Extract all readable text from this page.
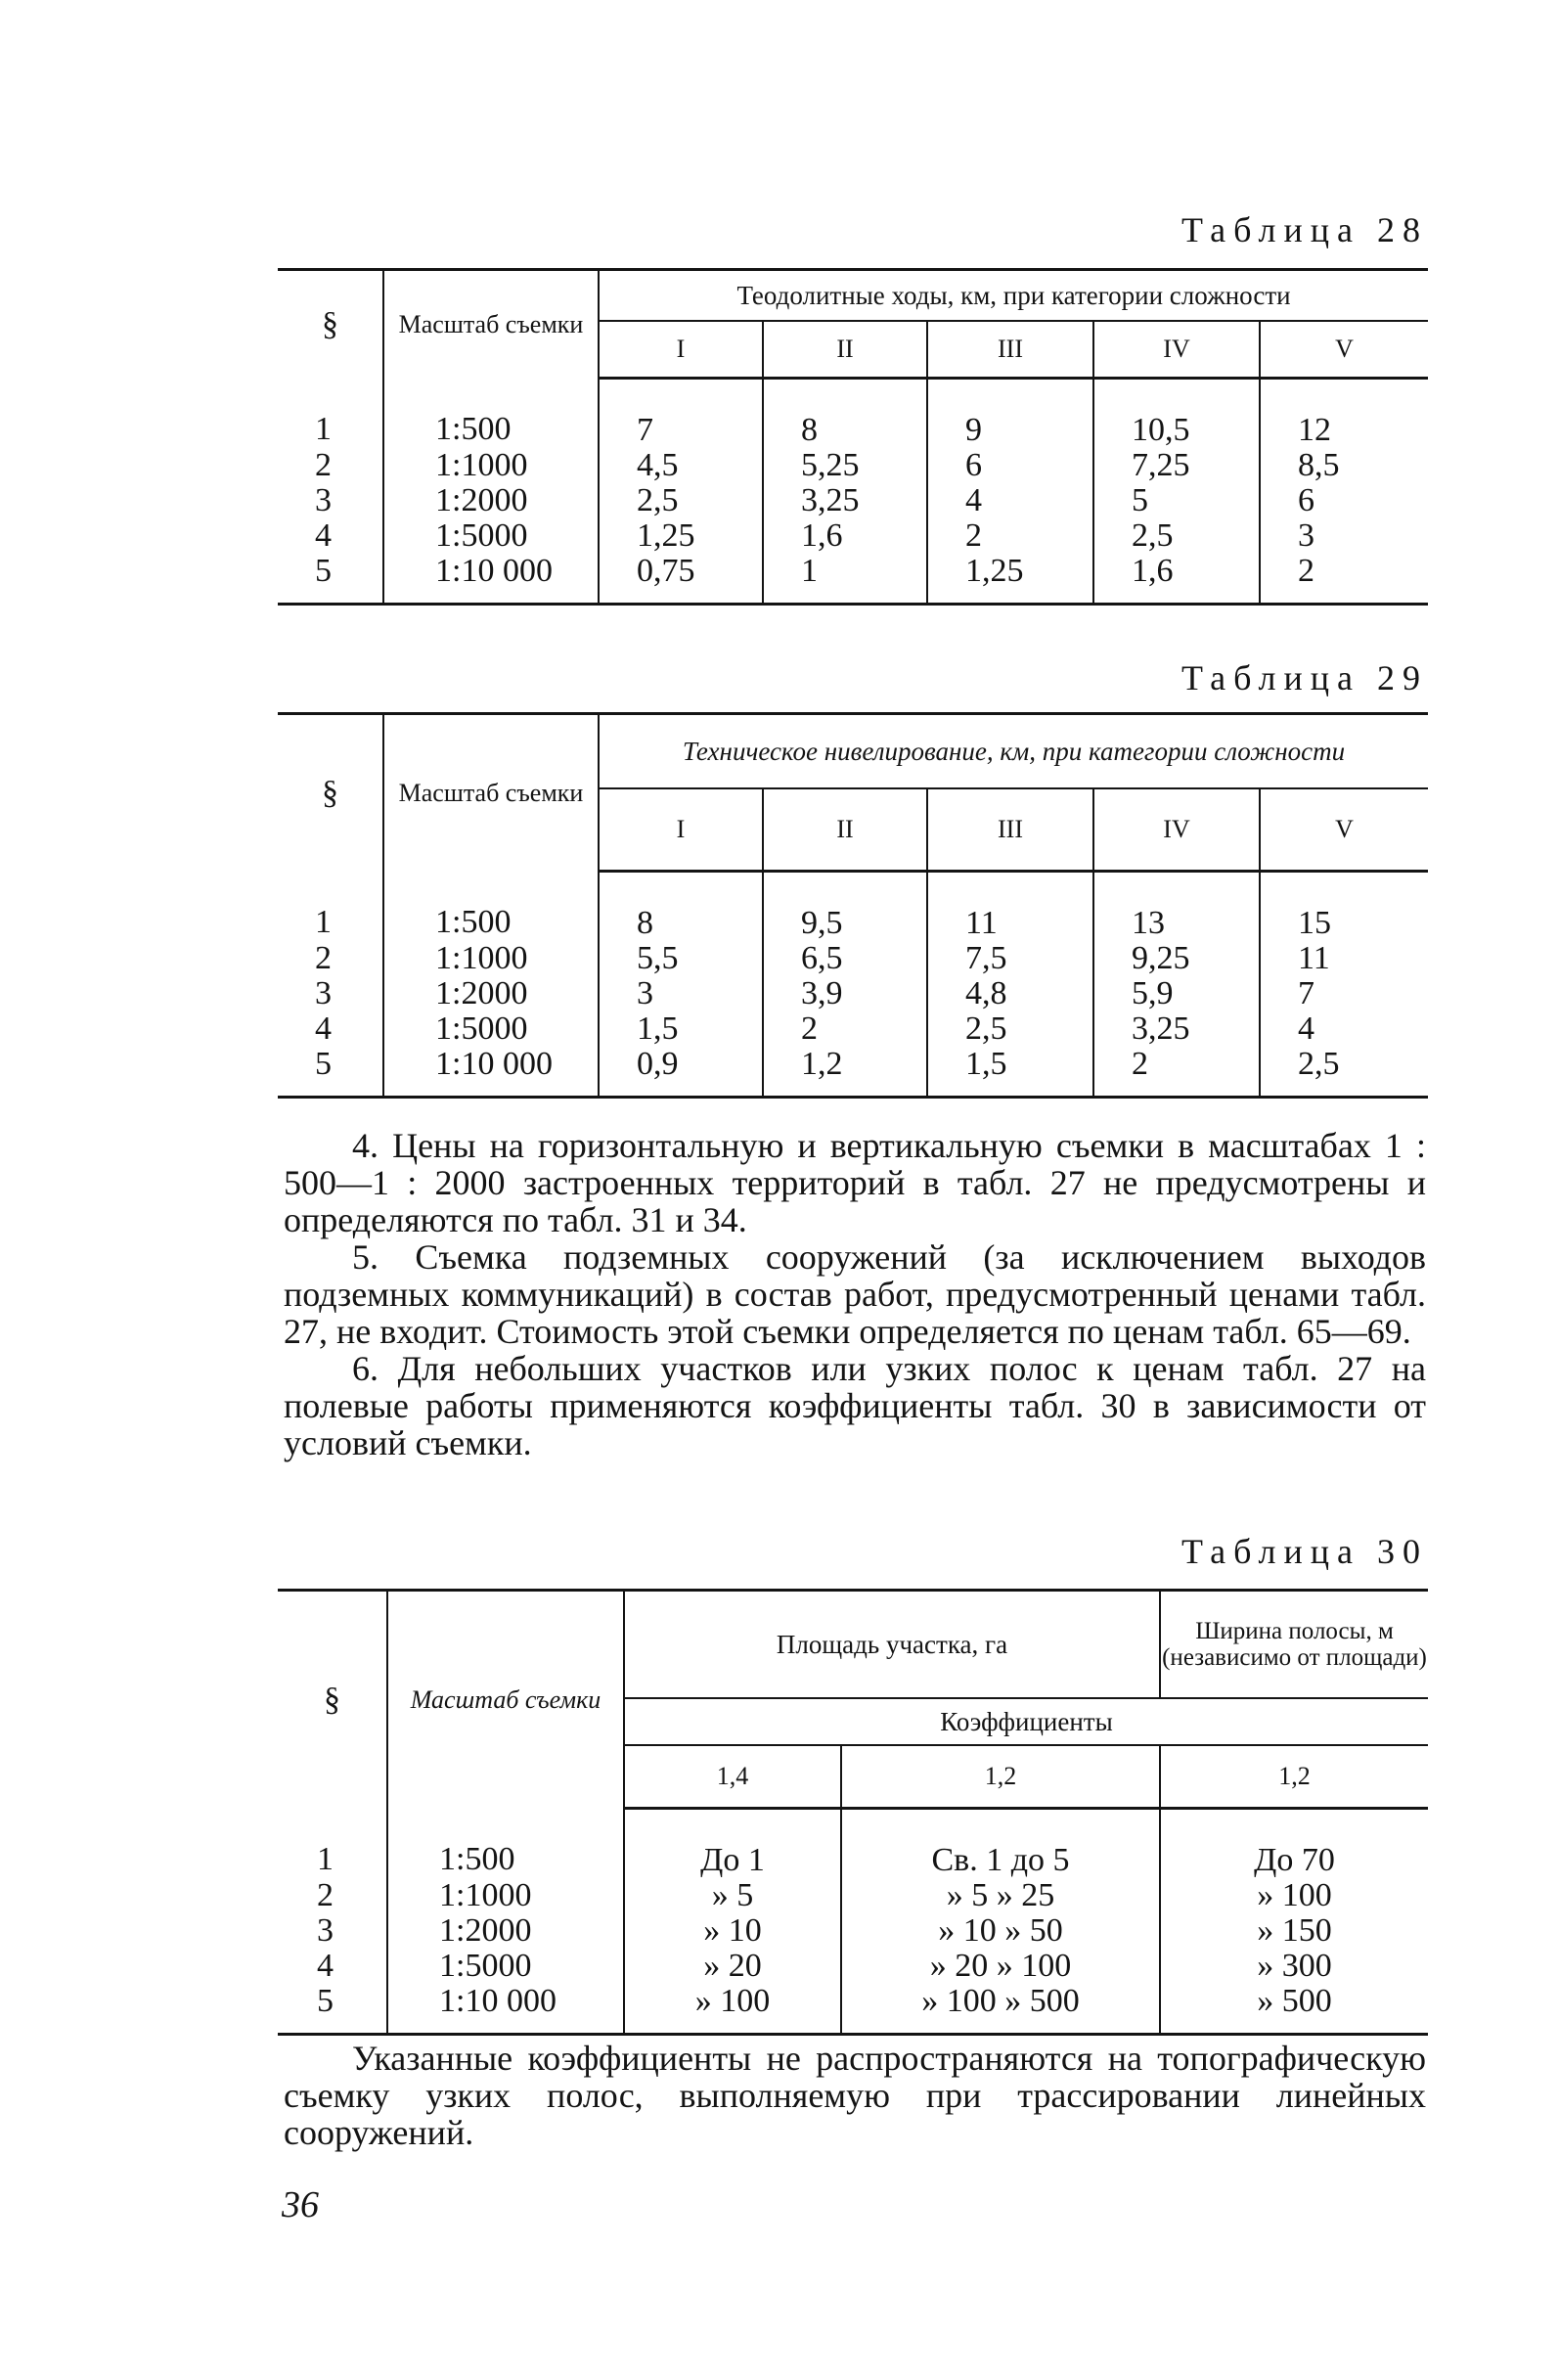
Таблица 28
§	Масштаб съемки	Теодолитные ходы, км, при категории сложности				
		I	II	III	IV	V
1	1:500	7	8	9	10,5	12
2	1:1000	4,5	5,25	6	7,25	8,5
3	1:2000	2,5	3,25	4	5	6
4	1:5000	1,25	1,6	2	2,5	3
5	1:10 000	0,75	1	1,25	1,6	2
Таблица 29
§	Масштаб съемки	Техническое нивелирование, км, при категории сложности				
		I	II	III	IV	V
1	1:500	8	9,5	11	13	15
2	1:1000	5,5	6,5	7,5	9,25	11
3	1:2000	3	3,9	4,8	5,9	7
4	1:5000	1,5	2	2,5	3,25	4
5	1:10 000	0,9	1,2	1,5	2	2,5

4. Цены на горизонтальную и вертикальную съемки в масштабах 1 : 500—1 : 2000 застроенных территорий в табл. 27 не предусмотрены и определяются по табл. 31 и 34.

5. Съемка подземных сооружений (за исключением выходов подземных коммуникаций) в состав работ, предусмотренный ценами табл. 27, не входит. Стоимость этой съемки определяется по ценам табл. 65—69.

6. Для небольших участков или узких полос к ценам табл. 27 на полевые работы применяются коэффициенты табл. 30 в зависимости от условий съемки.

Таблица 30
§	Масштаб съемки	Площадь участка, га		Ширина полосы, м (независимо от площади)
		Коэффициенты		
		1,4	1,2	1,2
1	1:500	До 1	Св. 1 до 5	До 70
2	1:1000	» 5	» 5 » 25	» 100
3	1:2000	» 10	» 10 » 50	» 150
4	1:5000	» 20	» 20 » 100	» 300
5	1:10 000	» 100	» 100 » 500	» 500
Указанные коэффициенты не распространяются на топографическую съемку узких полос, выполняемую при трассировании линейных сооружений.
36
